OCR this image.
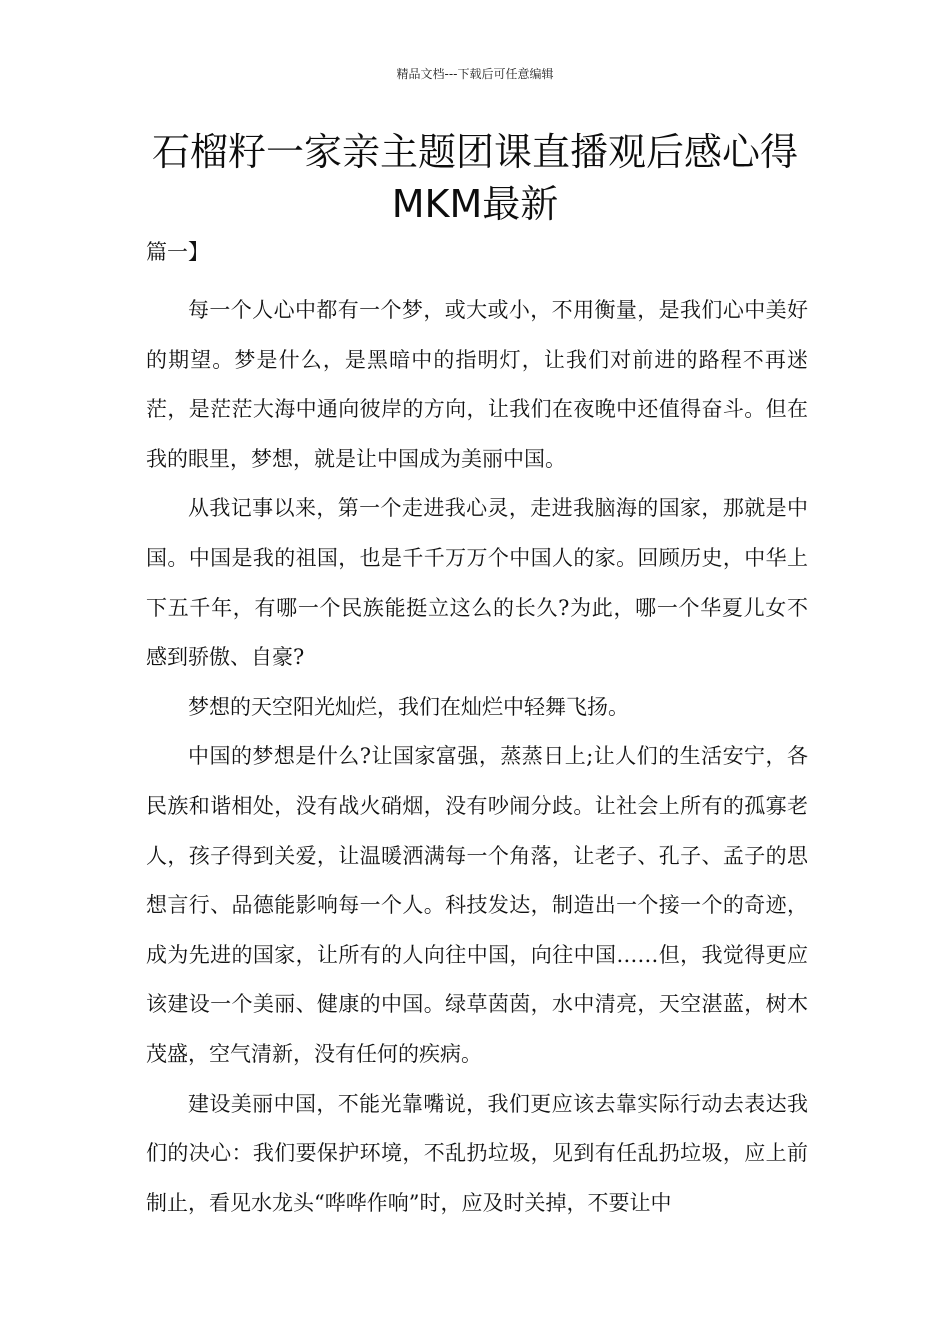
精品文档---下载后可任意编辑
石榴籽一家亲主题团课直播观后感心得
MKM最新
篇一】

每一个人心中都有一个梦，或大或小，不用衡量，是我们心中美好的期望。梦是什么，是黑暗中的指明灯，让我们对前进的路程不再迷茫，是茫茫大海中通向彼岸的方向，让我们在夜晚中还值得奋斗。但在我的眼里，梦想，就是让中国成为美丽中国。

从我记事以来，第一个走进我心灵，走进我脑海的国家，那就是中国。中国是我的祖国，也是千千万万个中国人的家。回顾历史，中华上下五千年，有哪一个民族能挺立这么的长久?为此，哪一个华夏儿女不感到骄傲、自豪?

梦想的天空阳光灿烂，我们在灿烂中轻舞飞扬。

中国的梦想是什么?让国家富强，蒸蒸日上;让人们的生活安宁，各民族和谐相处，没有战火硝烟，没有吵闹分歧。让社会上所有的孤寡老人，孩子得到关爱，让温暖洒满每一个角落，让老子、孔子、孟子的思想言行、品德能影响每一个人。科技发达，制造出一个接一个的奇迹，成为先进的国家，让所有的人向往中国，向往中国……但，我觉得更应该建设一个美丽、健康的中国。绿草茵茵，水中清亮，天空湛蓝，树木茂盛，空气清新，没有任何的疾病。

建设美丽中国，不能光靠嘴说，我们更应该去靠实际行动去表达我们的决心：我们要保护环境，不乱扔垃圾，见到有任乱扔垃圾，应上前制止，看见水龙头“哗哗作响”时，应及时关掉，不要让中
